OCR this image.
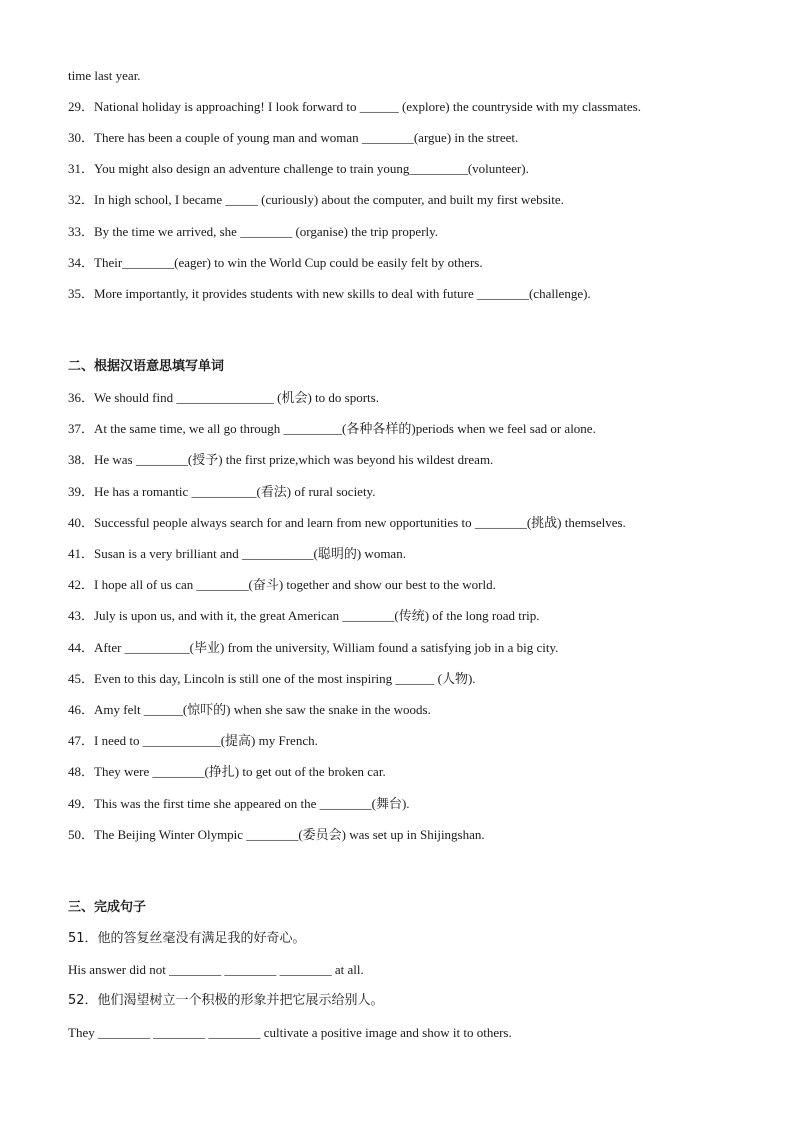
time last year.
29．National holiday is approaching! I look forward to ______ (explore) the countryside with my classmates.
30．There has been a couple of young man and woman ________(argue) in the street.
31．You might also design an adventure challenge to train young_________(volunteer).
32．In high school, I became _____ (curiously) about the computer, and built my first website.
33．By the time we arrived, she ________ (organise) the trip properly.
34．Their________(eager) to win the World Cup could be easily felt by others.
35．More importantly, it provides students with new skills to deal with future ________(challenge).
二、根据汉语意思填写单词
36．We should find _______________ (机会) to do sports.
37．At the same time, we all go through _________(各种各样的)periods when we feel sad or alone.
38．He was ________(授予) the first prize,which was beyond his wildest dream.
39．He has a romantic __________(看法) of rural society.
40．Successful people always search for and learn from new opportunities to ________(挑战) themselves.
41．Susan is a very brilliant and ___________(聪明的) woman.
42．I hope all of us can ________(奋斗) together and show our best to the world.
43．July is upon us, and with it, the great American ________(传统) of the long road trip.
44．After __________(毕业) from the university, William found a satisfying job in a big city.
45．Even to this day, Lincoln is still one of the most inspiring ______ (人物).
46．Amy felt ______(惊吓的) when she saw the snake in the woods.
47．I need to ____________(提高) my French.
48．They were ________(挣扎) to get out of the broken car.
49．This was the first time she appeared on the ________(舞台).
50．The Beijing Winter Olympic ________(委员会) was set up in Shijingshan.
三、完成句子
51．他的答复丝毫没有满足我的好奇心。
His answer did not ________ ________ ________ at all.
52．他们渴望树立一个积极的形象并把它展示给别人。
They ________ ________ ________ cultivate a positive image and show it to others.
